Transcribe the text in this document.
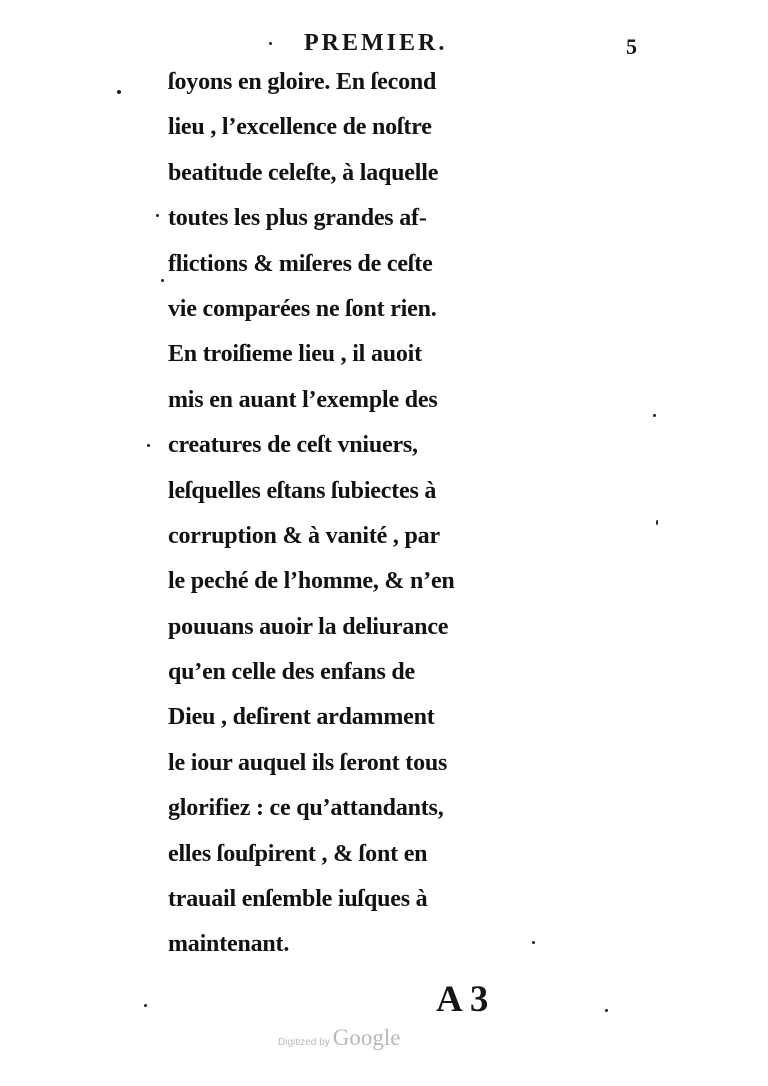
PREMIER.	5
ſoyons en gloire. En ſecond
lieu , l’excellence de noſtre
beatitude celeſte, à laquelle
toutes les plus grandes af-
flictions & miſeres de ceſte
vie comparées ne ſont rien.
En troiſieme lieu , il auoit
mis en auant l’exemple des
creatures de ceſt vniuers,
leſquelles eſtans ſubiectes à
corruption & à vanité , par
le peché de l’homme, & n’en
pouuans auoir la deliurance
qu’en celle des enfans de
Dieu , deſirent ardamment
le iour auquel ils ſeront tous
glorifiez : ce qu’attandants,
elles ſouſpirent , & ſont en
trauail enſemble iuſques à
maintenant.
A 3
Digitized by Google
